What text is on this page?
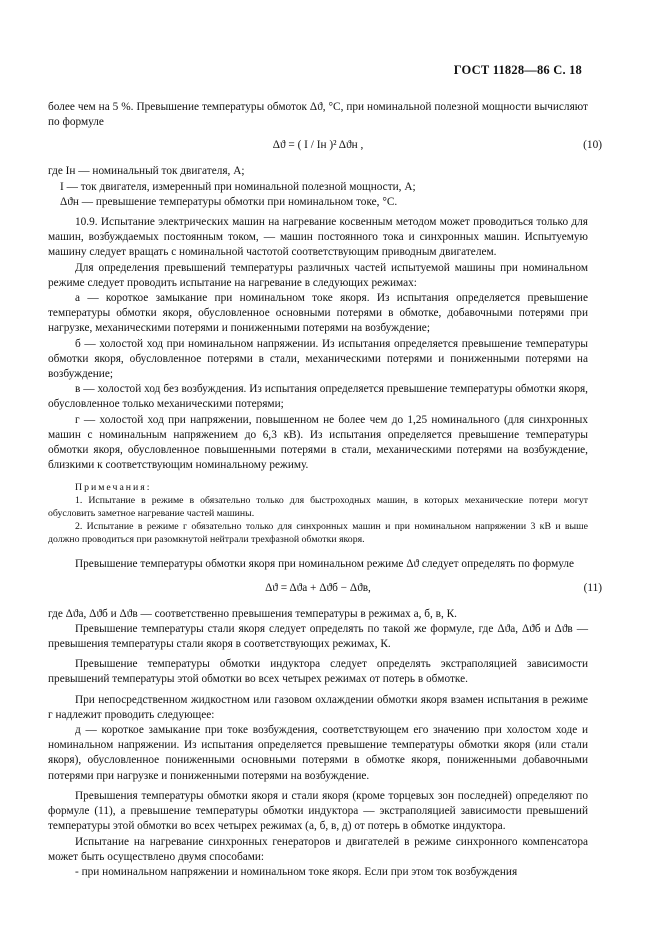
ГОСТ 11828—86 С. 18

более чем на 5 %. Превышение температуры обмоток Δϑ, °С, при номинальной полезной мощности вычисляют по формуле

Δϑ = ( I / Iн )² Δϑн ,	(10)
где Iн — номинальный ток двигателя, А;
I — ток двигателя, измеренный при номинальной полезной мощности, А;
Δϑн — превышение температуры обмотки при номинальном токе, °С.

10.9. Испытание электрических машин на нагревание косвенным методом может проводиться только для машин, возбуждаемых постоянным током, — машин постоянного тока и синхронных машин. Испытуемую машину следует вращать с номинальной частотой соответствующим приводным двигателем.

Для определения превышений температуры различных частей испытуемой машины при номинальном режиме следует проводить испытание на нагревание в следующих режимах:

а — короткое замыкание при номинальном токе якоря. Из испытания определяется превышение температуры обмотки якоря, обусловленное основными потерями в обмотке, добавочными потерями при нагрузке, механическими потерями и пониженными потерями на возбуждение;

б — холостой ход при номинальном напряжении. Из испытания определяется превышение температуры обмотки якоря, обусловленное потерями в стали, механическими потерями и пониженными потерями на возбуждение;

в — холостой ход без возбуждения. Из испытания определяется превышение температуры обмотки якоря, обусловленное только механическими потерями;

г — холостой ход при напряжении, повышенном не более чем до 1,25 номинального (для синхронных машин с номинальным напряжением до 6,3 кВ). Из испытания определяется превышение температуры обмотки якоря, обусловленное повышенными потерями в стали, механическими потерями на возбуждение, близкими к соответствующим номинальному режиму.

Примечания:

1. Испытание в режиме в обязательно только для быстроходных машин, в которых механические потери могут обусловить заметное нагревание частей машины.

2. Испытание в режиме г обязательно только для синхронных машин и при номинальном напряжении 3 кВ и выше должно проводиться при разомкнутой нейтрали трехфазной обмотки якоря.

Превышение температуры обмотки якоря при номинальном режиме Δϑ следует определять по формуле

Δϑ = Δϑа + Δϑб − Δϑв,	(11)

где Δϑа, Δϑб и Δϑв — соответственно превышения температуры в режимах а, б, в, К.

Превышение температуры стали якоря следует определять по такой же формуле, где Δϑа, Δϑб и Δϑв — превышения температуры стали якоря в соответствующих режимах, К.

Превышение температуры обмотки индуктора следует определять экстраполяцией зависимости превышений температуры этой обмотки во всех четырех режимах от потерь в обмотке.

При непосредственном жидкостном или газовом охлаждении обмотки якоря взамен испытания в режиме г надлежит проводить следующее:

д — короткое замыкание при токе возбуждения, соответствующем его значению при холостом ходе и номинальном напряжении. Из испытания определяется превышение температуры обмотки якоря (или стали якоря), обусловленное пониженными основными потерями в обмотке якоря, пониженными добавочными потерями при нагрузке и пониженными потерями на возбуждение.

Превышения температуры обмотки якоря и стали якоря (кроме торцевых зон последней) определяют по формуле (11), а превышение температуры обмотки индуктора — экстраполяцией зависимости превышений температуры этой обмотки во всех четырех режимах (а, б, в, д) от потерь в обмотке индуктора.

Испытание на нагревание синхронных генераторов и двигателей в режиме синхронного компенсатора может быть осуществлено двумя способами:

- при номинальном напряжении и номинальном токе якоря. Если при этом ток возбуждения
